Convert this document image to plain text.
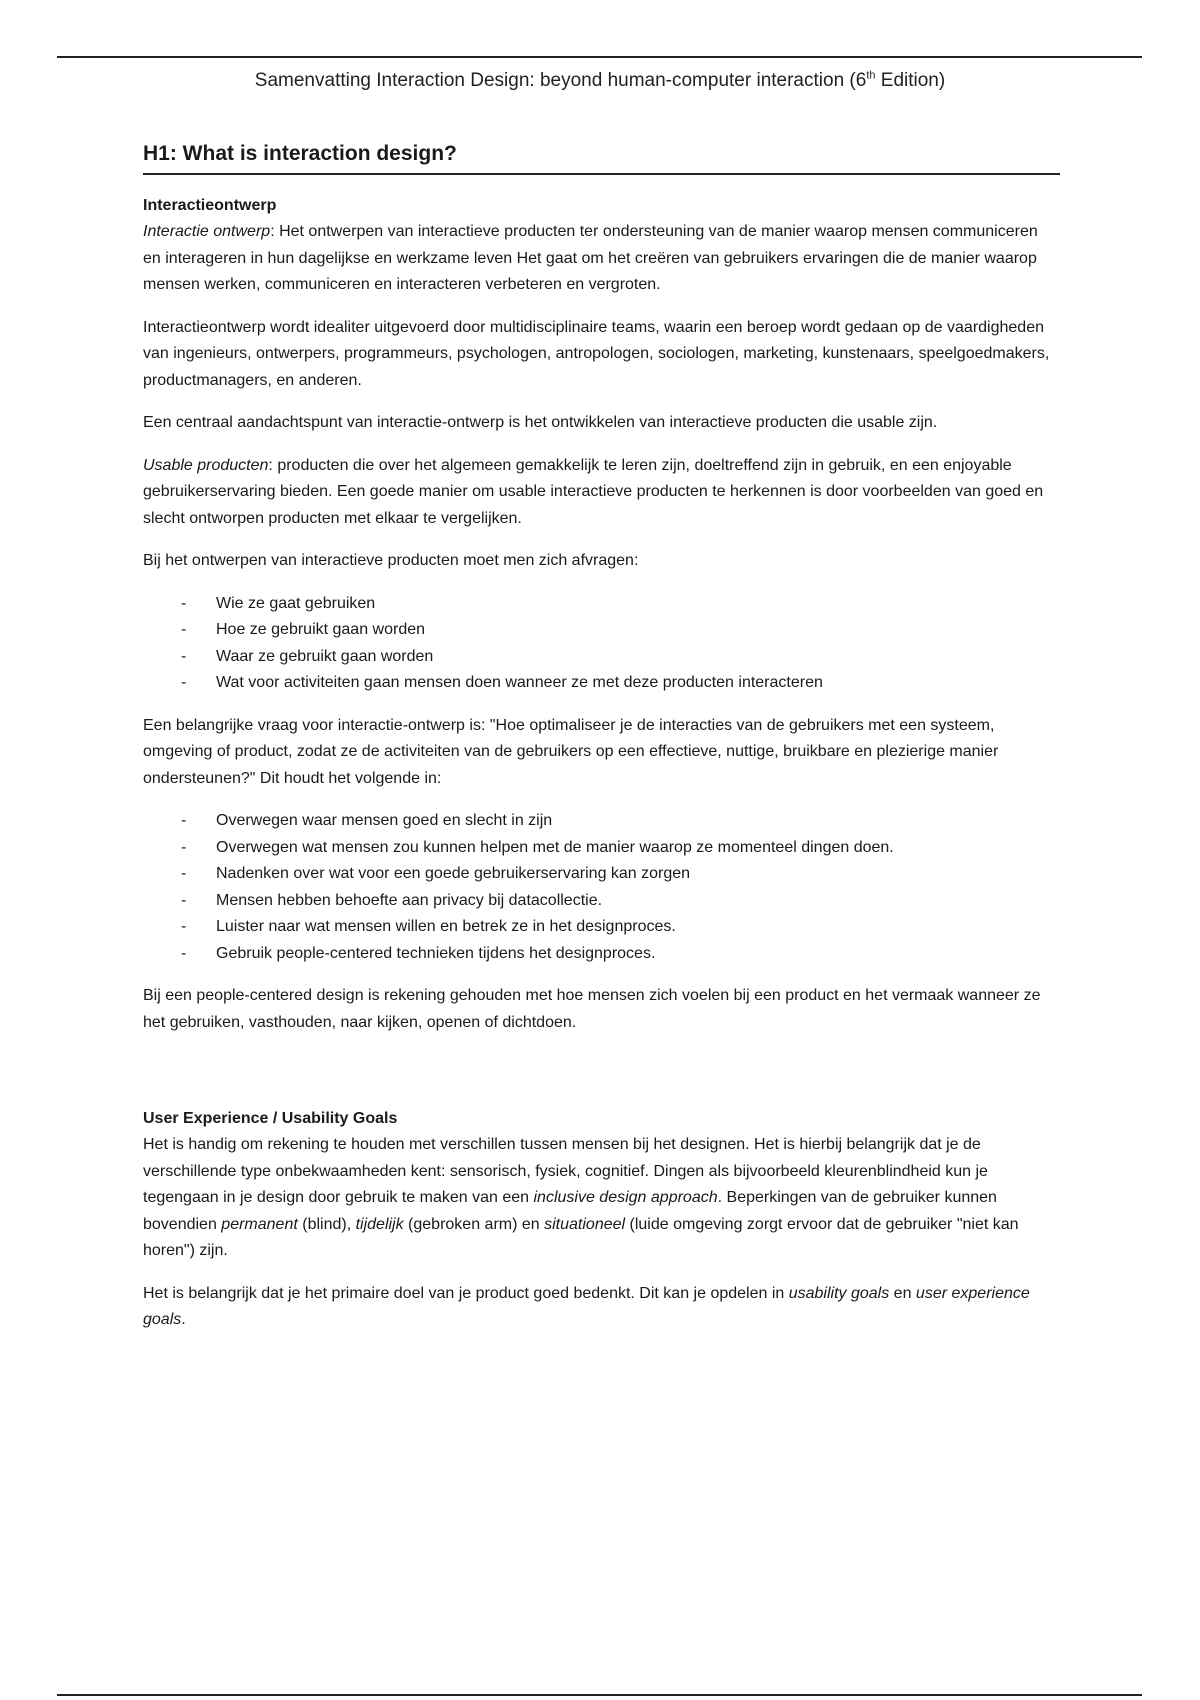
Samenvatting Interaction Design: beyond human-computer interaction (6th Edition)
H1: What is interaction design?
Interactieontwerp

Interactie ontwerp: Het ontwerpen van interactieve producten ter ondersteuning van de manier waarop mensen communiceren en interageren in hun dagelijkse en werkzame leven Het gaat om het creëren van gebruikers ervaringen die de manier waarop mensen werken, communiceren en interacteren verbeteren en vergroten.

Interactieontwerp wordt idealiter uitgevoerd door multidisciplinaire teams, waarin een beroep wordt gedaan op de vaardigheden van ingenieurs, ontwerpers, programmeurs, psychologen, antropologen, sociologen, marketing, kunstenaars, speelgoedmakers, productmanagers, en anderen.

Een centraal aandachtspunt van interactie-ontwerp is het ontwikkelen van interactieve producten die usable zijn.

Usable producten: producten die over het algemeen gemakkelijk te leren zijn, doeltreffend zijn in gebruik, en een enjoyable gebruikerservaring bieden. Een goede manier om usable interactieve producten te herkennen is door voorbeelden van goed en slecht ontworpen producten met elkaar te vergelijken.

Bij het ontwerpen van interactieve producten moet men zich afvragen:

- Wie ze gaat gebruiken
- Hoe ze gebruikt gaan worden
- Waar ze gebruikt gaan worden
- Wat voor activiteiten gaan mensen doen wanneer ze met deze producten interacteren

Een belangrijke vraag voor interactie-ontwerp is: "Hoe optimaliseer je de interacties van de gebruikers met een systeem, omgeving of product, zodat ze de activiteiten van de gebruikers op een effectieve, nuttige, bruikbare en plezierige manier ondersteunen?" Dit houdt het volgende in:

- Overwegen waar mensen goed en slecht in zijn
- Overwegen wat mensen zou kunnen helpen met de manier waarop ze momenteel dingen doen.
- Nadenken over wat voor een goede gebruikerservaring kan zorgen
- Mensen hebben behoefte aan privacy bij datacollectie.
- Luister naar wat mensen willen en betrek ze in het designproces.
- Gebruik people-centered technieken tijdens het designproces.

Bij een people-centered design is rekening gehouden met hoe mensen zich voelen bij een product en het vermaak wanneer ze het gebruiken, vasthouden, naar kijken, openen of dichtdoen.

User Experience / Usability Goals

Het is handig om rekening te houden met verschillen tussen mensen bij het designen. Het is hierbij belangrijk dat je de verschillende type onbekwaamheden kent: sensorisch, fysiek, cognitief. Dingen als bijvoorbeeld kleurenblindheid kun je tegengaan in je design door gebruik te maken van een inclusive design approach. Beperkingen van de gebruiker kunnen bovendien permanent (blind), tijdelijk (gebroken arm) en situationeel (luide omgeving zorgt ervoor dat de gebruiker "niet kan horen") zijn.

Het is belangrijk dat je het primaire doel van je product goed bedenkt. Dit kan je opdelen in usability goals en user experience goals.
